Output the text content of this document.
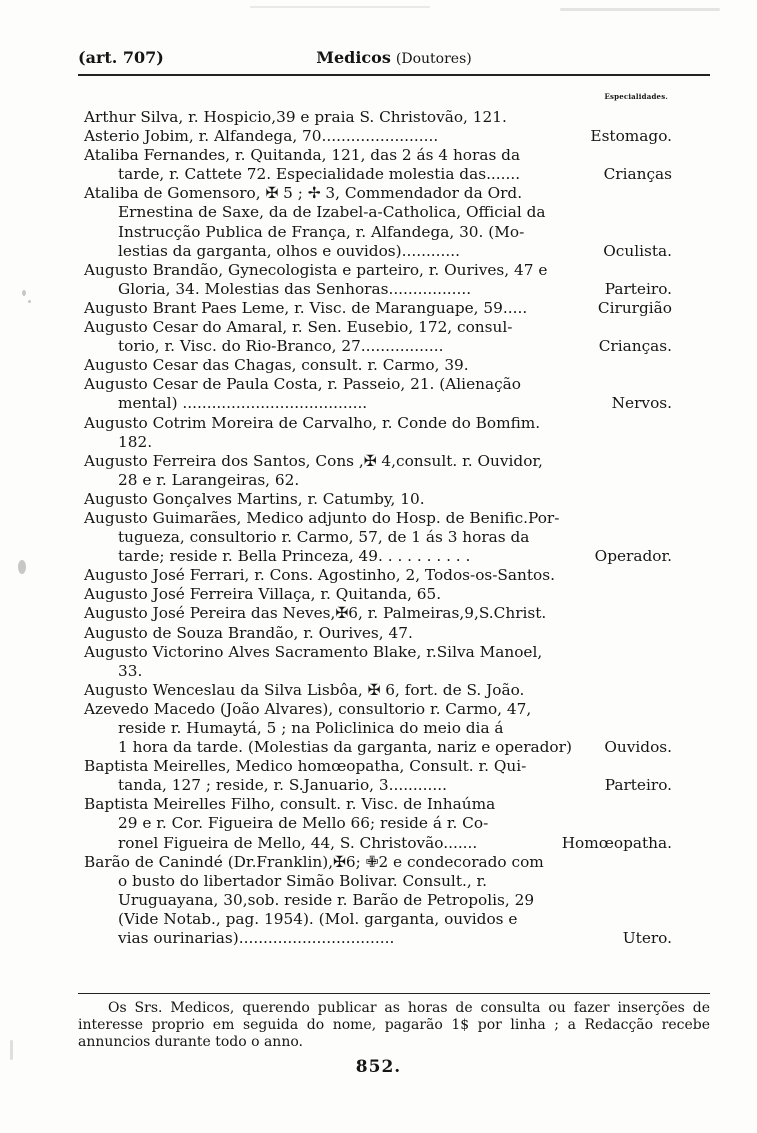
(art. 707)	Medicos (Doutores)
Especialidades.
Arthur Silva, r. Hospicio,39 e praia S. Christovão, 121.
Asterio Jobim, r. Alfandega, 70........................	Estomago.
Ataliba Fernandes, r. Quitanda, 121, das 2 ás 4 horas da
tarde, r. Cattete 72. Especialidade molestia das.......	Crianças
Ataliba de Gomensoro, ✠ 5 ; ✢ 3, Commendador da Ord.
Ernestina de Saxe, da de Izabel-a-Catholica, Official da
Instrucção Publica de França, r. Alfandega, 30. (Mo-
lestias da garganta, olhos e ouvidos)............	Oculista.
Augusto Brandão, Gynecologista e parteiro, r. Ourives, 47 e
Gloria, 34. Molestias das Senhoras.................	Parteiro.
Augusto Brant Paes Leme, r. Visc. de Maranguape, 59.....	Cirurgião
Augusto Cesar do Amaral, r. Sen. Eusebio, 172, consul-
torio, r. Visc. do Rio-Branco, 27.................	Crianças.
Augusto Cesar das Chagas, consult. r. Carmo, 39.
Augusto Cesar de Paula Costa, r. Passeio, 21. (Alienação
mental) ......................................	Nervos.
Augusto Cotrim Moreira de Carvalho, r. Conde do Bomfim.
182.
Augusto Ferreira dos Santos, Cons ,✠ 4,consult. r. Ouvidor,
28 e r. Larangeiras, 62.
Augusto Gonçalves Martins, r. Catumby, 10.
Augusto Guimarães, Medico adjunto do Hosp. de Benific.Por-
tugueza, consultorio r. Carmo, 57, de 1 ás 3 horas da
tarde; reside r. Bella Princeza, 49. . . . . . . . . .	Operador.
Augusto José Ferrari, r. Cons. Agostinho, 2, Todos-os-Santos.
Augusto José Ferreira Villaça, r. Quitanda, 65.
Augusto José Pereira das Neves,✠6, r. Palmeiras,9,S.Christ.
Augusto de Souza Brandão, r. Ourives, 47.
Augusto Victorino Alves Sacramento Blake, r.Silva Manoel,
33.
Augusto Wenceslau da Silva Lisbôa, ✠ 6, fort. de S. João.
Azevedo Macedo (João Alvares), consultorio r. Carmo, 47,
reside r. Humaytá, 5 ; na Policlinica do meio dia á
1 hora da tarde. (Molestias da garganta, nariz e operador) Ouvidos.
Baptista Meirelles, Medico homœopatha, Consult. r. Qui-
tanda, 127 ; reside, r. S.Januario, 3............	Parteiro.
Baptista Meirelles Filho, consult. r. Visc. de Inhaúma
29 e r. Cor. Figueira de Mello 66; reside á r. Co-
ronel Figueira de Mello, 44, S. Christovão.......	Homœopatha.
Barão de Canindé (Dr.Franklin),✠6; ✙2 e condecorado com
o busto do libertador Simão Bolivar. Consult., r.
Uruguayana, 30,sob. reside r. Barão de Petropolis, 29
(Vide Notab., pag. 1954). (Mol. garganta, ouvidos e
vias ourinarias)................................	Utero.
Os Srs. Medicos, querendo publicar as horas de consulta ou fazer inserções de interesse proprio em seguida do nome, pagarão 1$ por linha ; a Redacção recebe annuncios durante todo o anno.
852.
